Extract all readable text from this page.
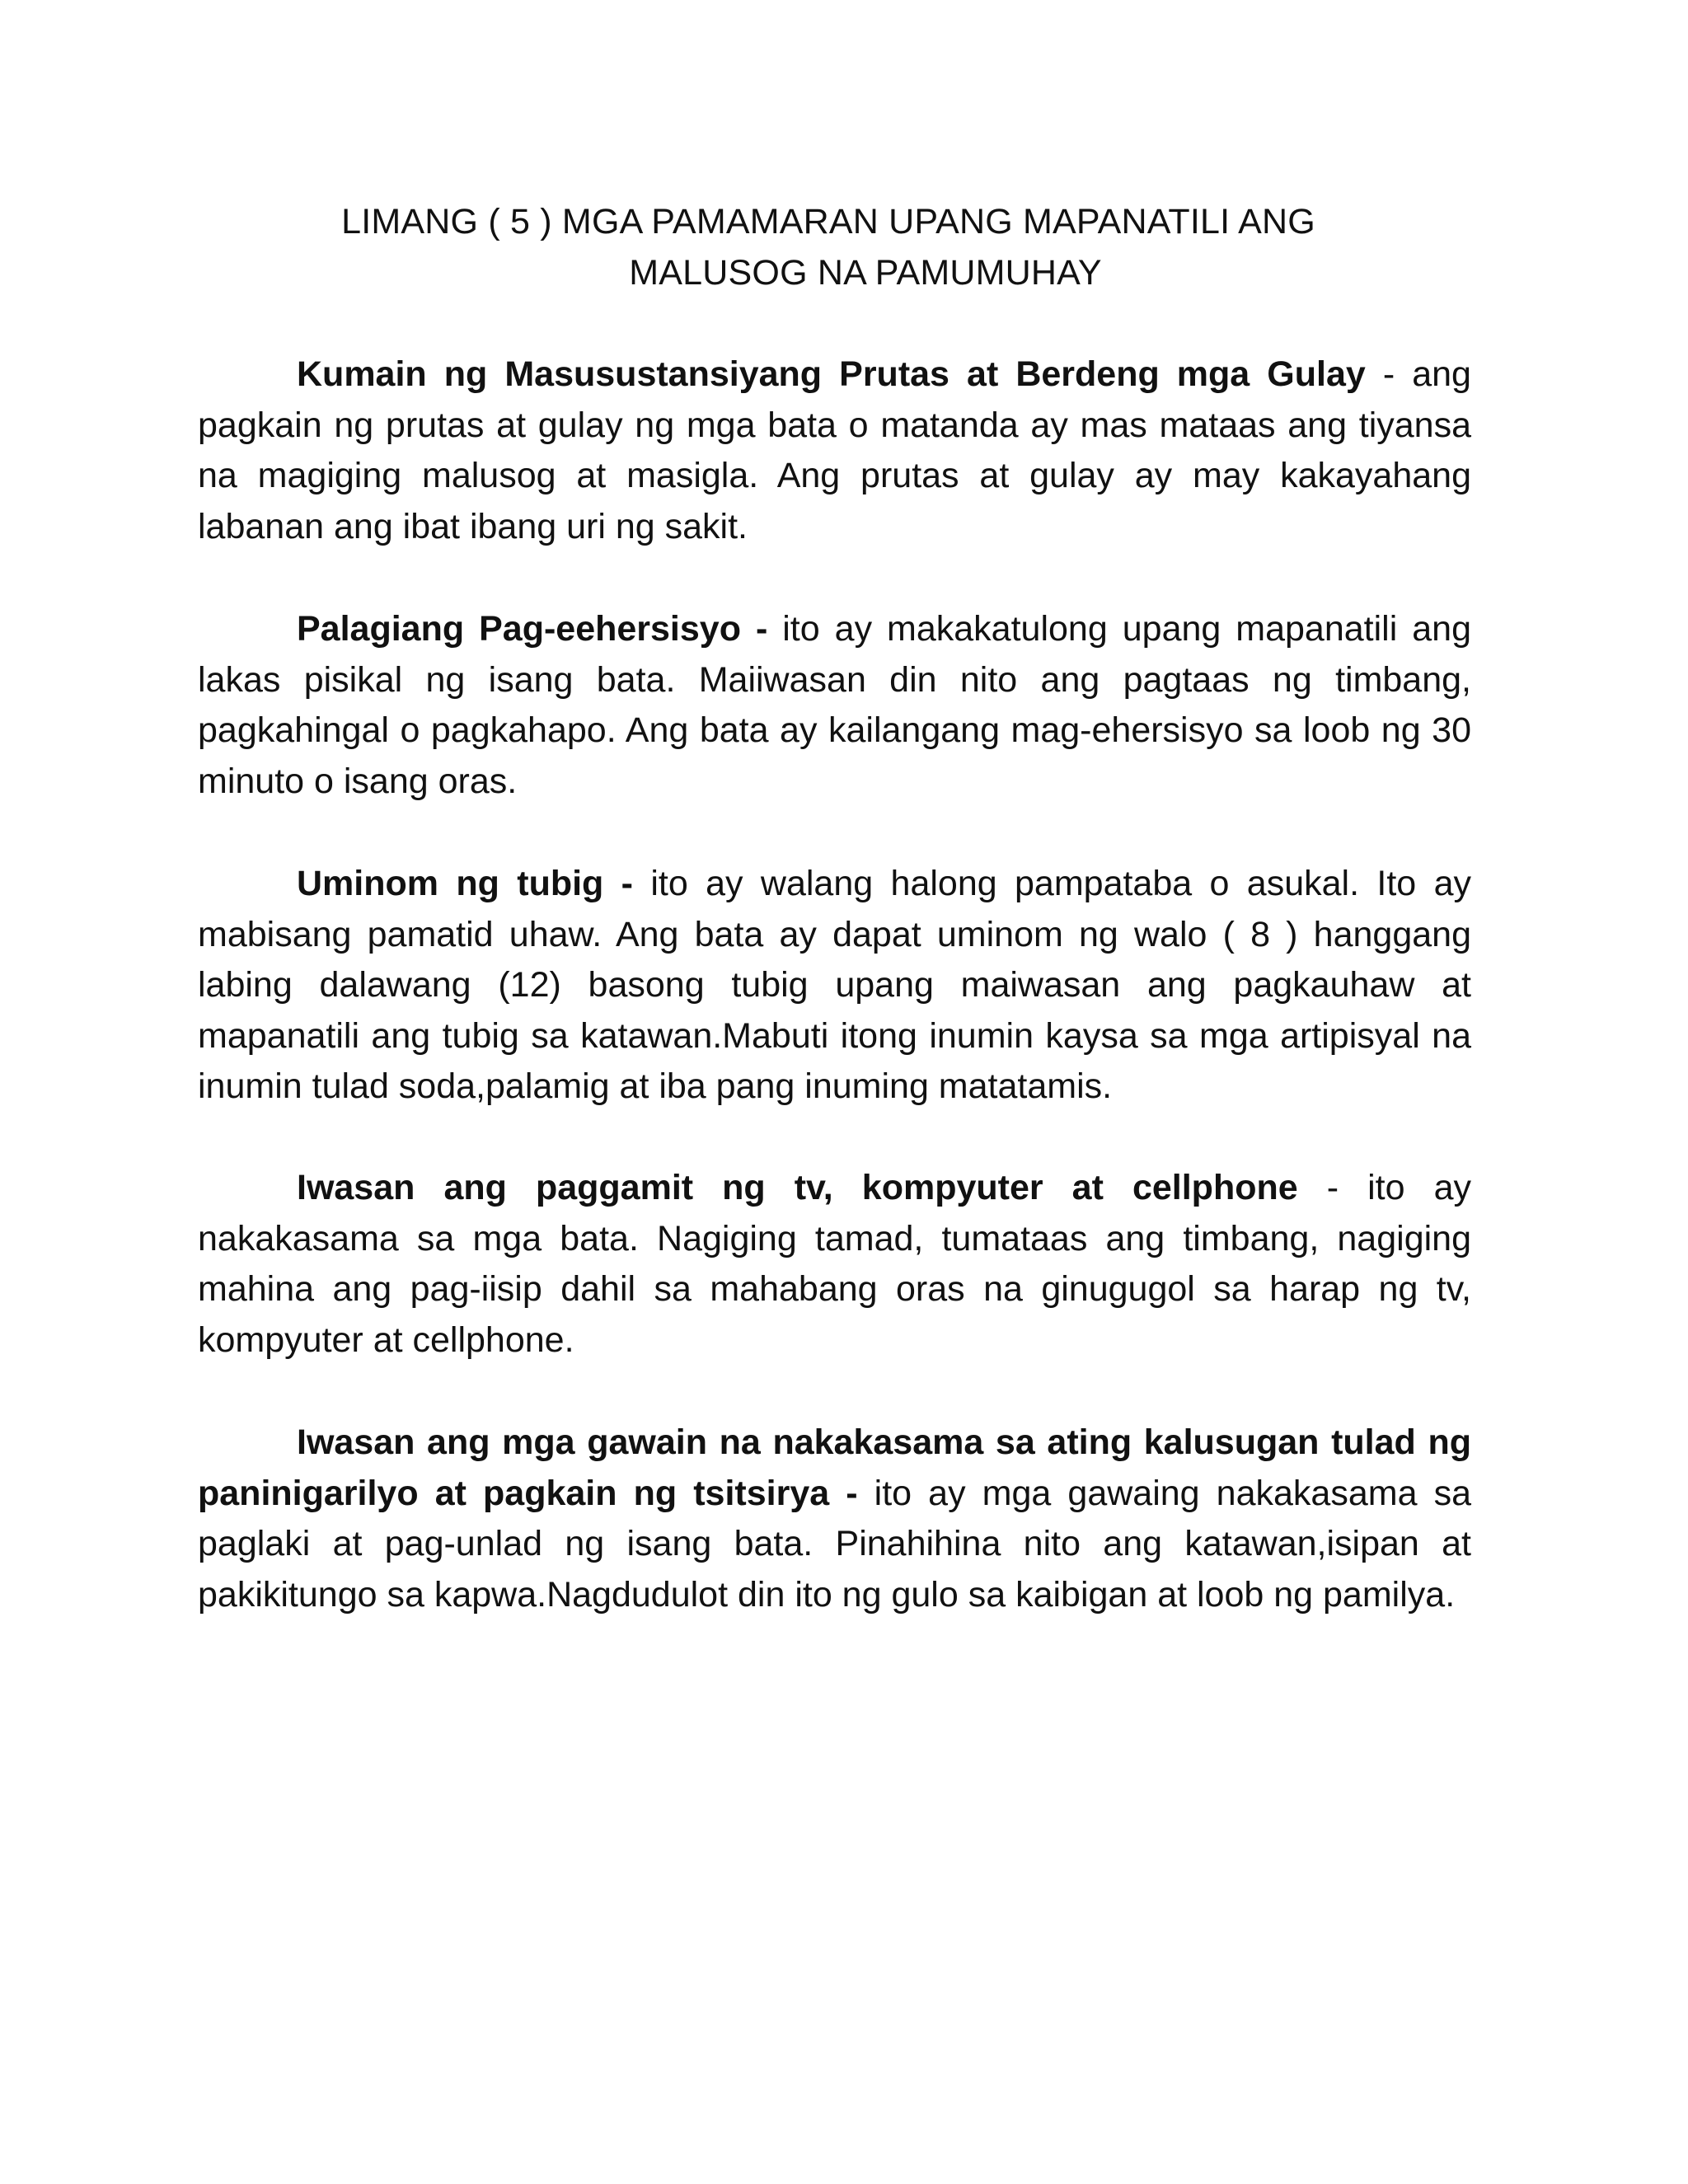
LIMANG ( 5 ) MGA PAMAMARAN UPANG MAPANATILI ANG
MALUSOG NA PAMUMUHAY

Kumain ng Masusustansiyang Prutas at Berdeng mga Gulay - ang pagkain ng prutas at gulay ng mga bata o matanda ay mas mataas ang tiyansa na magiging malusog at masigla. Ang prutas at gulay ay may kakayahang labanan ang ibat ibang uri ng sakit.

Palagiang Pag-eehersisyo - ito ay makakatulong upang mapanatili ang lakas pisikal ng isang bata. Maiiwasan din nito ang pagtaas ng timbang, pagkahingal o pagkahapo. Ang bata ay kailangang mag-ehersisyo sa loob ng 30 minuto o isang oras.

Uminom ng tubig - ito ay walang halong pampataba o asukal. Ito ay mabisang pamatid uhaw. Ang bata ay dapat uminom ng walo ( 8 ) hanggang labing dalawang (12) basong tubig upang maiwasan ang pagkauhaw at mapanatili ang tubig sa katawan.Mabuti itong inumin kaysa sa mga artipisyal na inumin tulad soda,palamig at iba pang inuming matatamis.

Iwasan ang paggamit ng tv, kompyuter at cellphone - ito ay nakakasama sa mga bata. Nagiging tamad, tumataas ang timbang, nagiging mahina ang pag-iisip dahil sa mahabang oras na ginugugol sa harap ng tv, kompyuter at cellphone.

Iwasan ang mga gawain na nakakasama sa ating kalusugan tulad ng paninigarilyo at pagkain ng tsitsirya - ito ay mga gawaing nakakasama sa paglaki at pag-unlad ng isang bata. Pinahihina nito ang katawan,isipan at pakikitungo sa kapwa.Nagdudulot din ito ng gulo sa kaibigan at loob ng pamilya.
